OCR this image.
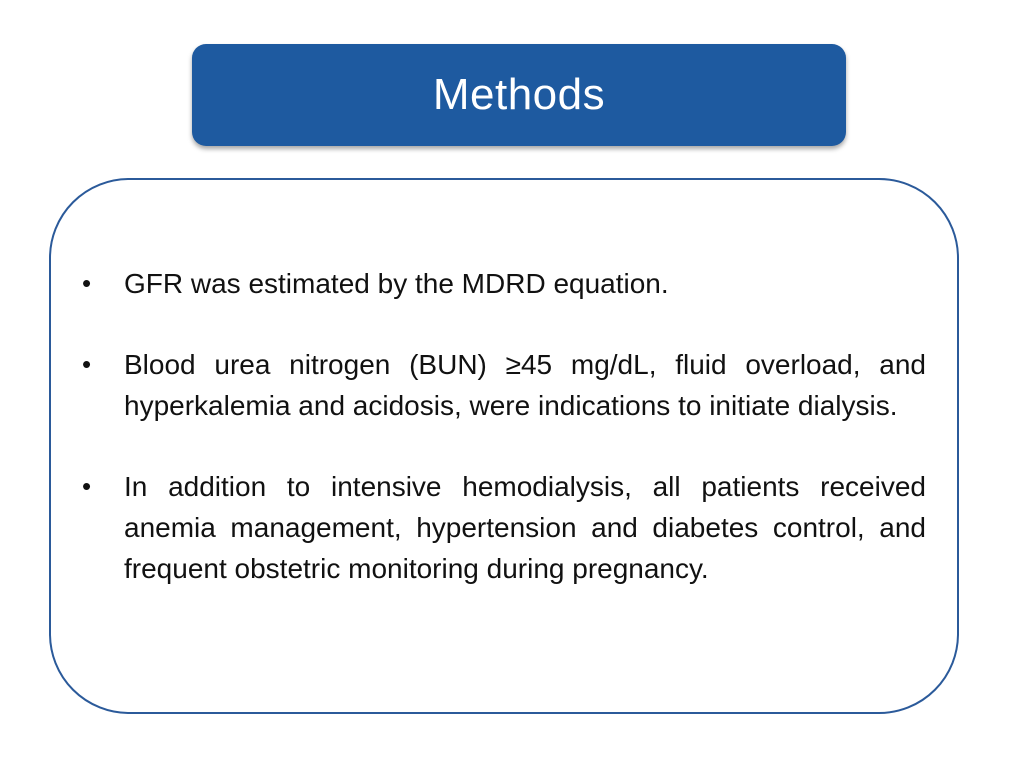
Methods
• GFR was estimated by the MDRD equation.
• Blood urea nitrogen (BUN) ≥45 mg/dL, fluid overload, and hyperkalemia and acidosis, were indications to initiate dialysis.
• In addition to intensive hemodialysis, all patients received anemia management, hypertension and diabetes control, and frequent obstetric monitoring during pregnancy.
